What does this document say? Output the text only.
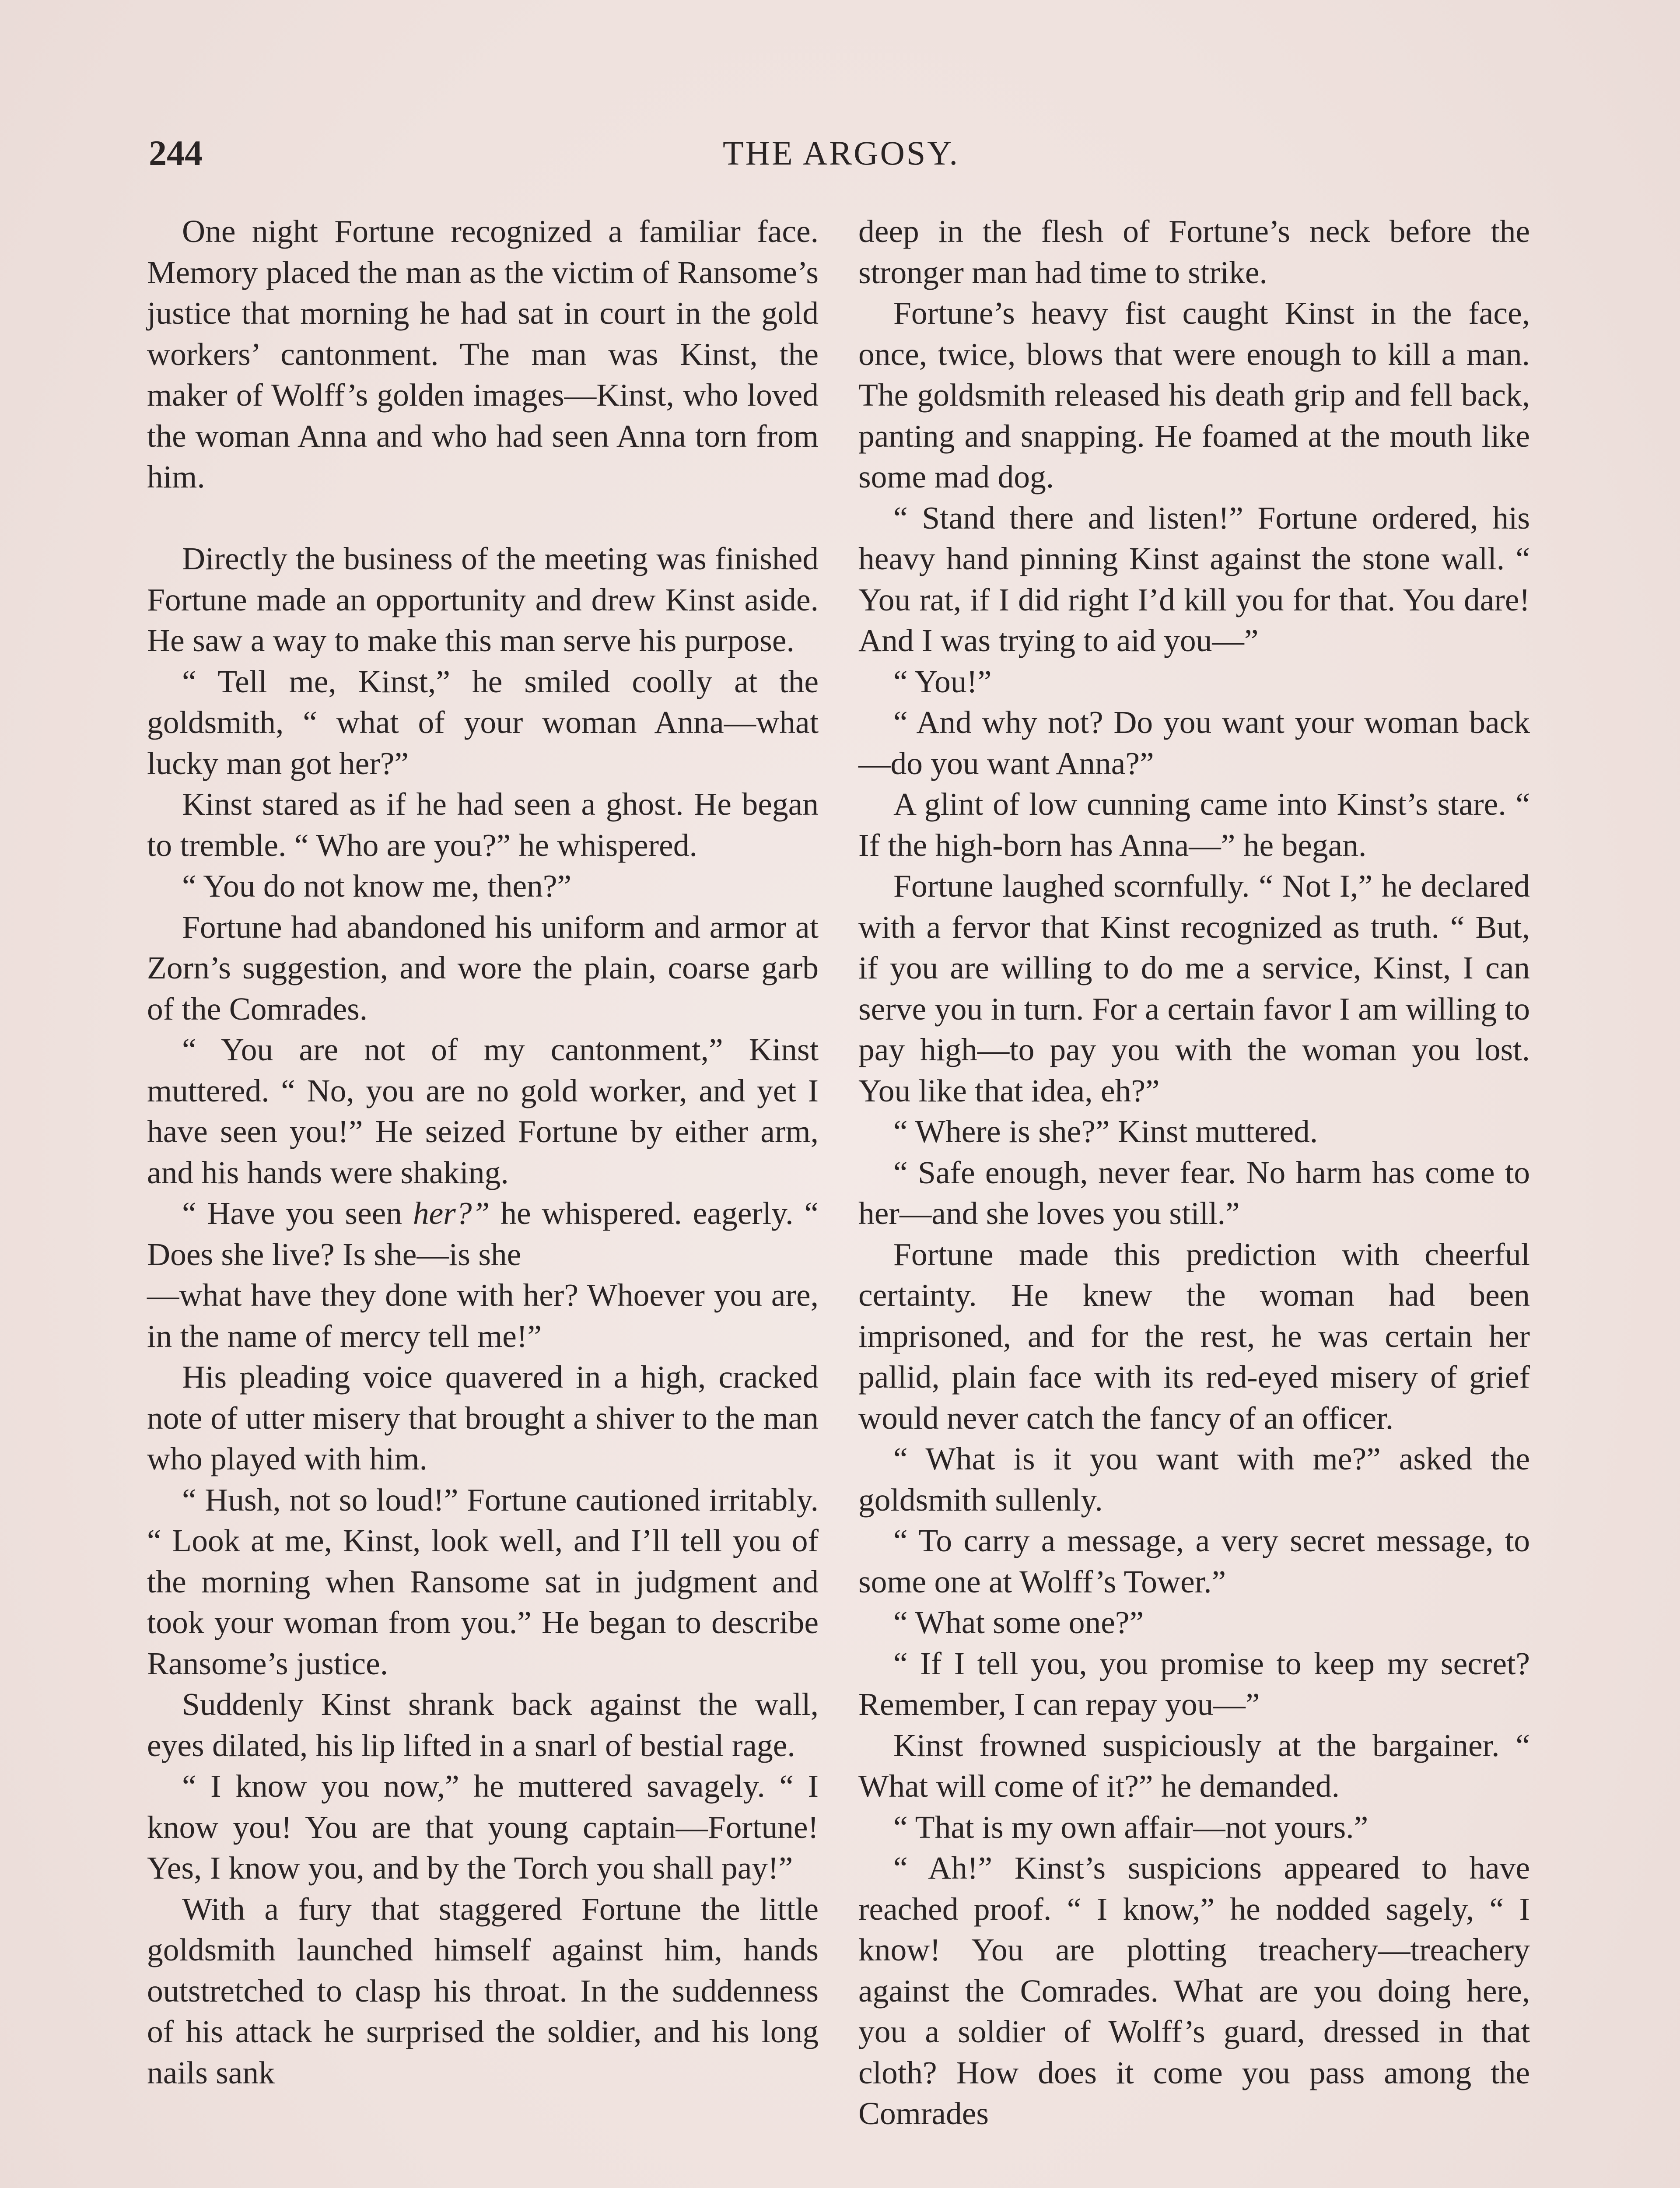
244	THE ARGOSY.

One night Fortune recognized a familiar face. Memory placed the man as the victim of Ransome’s justice that morning he had sat in court in the gold workers’ cantonment. The man was Kinst, the maker of Wolff’s golden images—Kinst, who loved the woman Anna and who had seen Anna torn from him.

Directly the business of the meeting was finished Fortune made an opportunity and drew Kinst aside. He saw a way to make this man serve his purpose.

“ Tell me, Kinst,” he smiled coolly at the goldsmith, “ what of your woman Anna—what lucky man got her?”

Kinst stared as if he had seen a ghost. He began to tremble. “ Who are you?” he whispered.

“ You do not know me, then?”

Fortune had abandoned his uniform and armor at Zorn’s suggestion, and wore the plain, coarse garb of the Comrades.

“ You are not of my cantonment,” Kinst muttered. “ No, you are no gold worker, and yet I have seen you!” He seized Fortune by either arm, and his hands were shaking.

“ Have you seen her?” he whispered. eagerly. “ Does she live? Is she—is she

—what have they done with her? Whoever you are, in the name of mercy tell me!”

His pleading voice quavered in a high, cracked note of utter misery that brought a shiver to the man who played with him.

“ Hush, not so loud!” Fortune cautioned irritably. “ Look at me, Kinst, look well, and I’ll tell you of the morning when Ransome sat in judgment and took your woman from you.” He began to describe Ransome’s justice.

Suddenly Kinst shrank back against the wall, eyes dilated, his lip lifted in a snarl of bestial rage.

“ I know you now,” he muttered savagely. “ I know you! You are that young captain—Fortune! Yes, I know you, and by the Torch you shall pay!”

With a fury that staggered Fortune the little goldsmith launched himself against him, hands outstretched to clasp his throat. In the suddenness of his attack he surprised the soldier, and his long nails sank

deep in the flesh of Fortune’s neck before the stronger man had time to strike.

Fortune’s heavy fist caught Kinst in the face, once, twice, blows that were enough to kill a man. The goldsmith released his death grip and fell back, panting and snapping. He foamed at the mouth like some mad dog.

“ Stand there and listen!” Fortune ordered, his heavy hand pinning Kinst against the stone wall. “ You rat, if I did right I’d kill you for that. You dare! And I was trying to aid you—”

“ You!”

“ And why not? Do you want your woman back—do you want Anna?”

A glint of low cunning came into Kinst’s stare. “ If the high-born has Anna—” he began.

Fortune laughed scornfully. “ Not I,” he declared with a fervor that Kinst recognized as truth. “ But, if you are willing to do me a service, Kinst, I can serve you in turn. For a certain favor I am willing to pay high—to pay you with the woman you lost. You like that idea, eh?”

“ Where is she?” Kinst muttered.

“ Safe enough, never fear. No harm has come to her—and she loves you still.”

Fortune made this prediction with cheerful certainty. He knew the woman had been imprisoned, and for the rest, he was certain her pallid, plain face with its red-eyed misery of grief would never catch the fancy of an officer.

“ What is it you want with me?” asked the goldsmith sullenly.

“ To carry a message, a very secret message, to some one at Wolff’s Tower.”

“ What some one?”

“ If I tell you, you promise to keep my secret? Remember, I can repay you—”

Kinst frowned suspiciously at the bargainer. “ What will come of it?” he demanded.

“ That is my own affair—not yours.”

“ Ah!” Kinst’s suspicions appeared to have reached proof. “ I know,” he nodded sagely, “ I know! You are plotting treachery—treachery against the Comrades. What are you doing here, you a soldier of Wolff’s guard, dressed in that cloth? How does it come you pass among the Comrades
